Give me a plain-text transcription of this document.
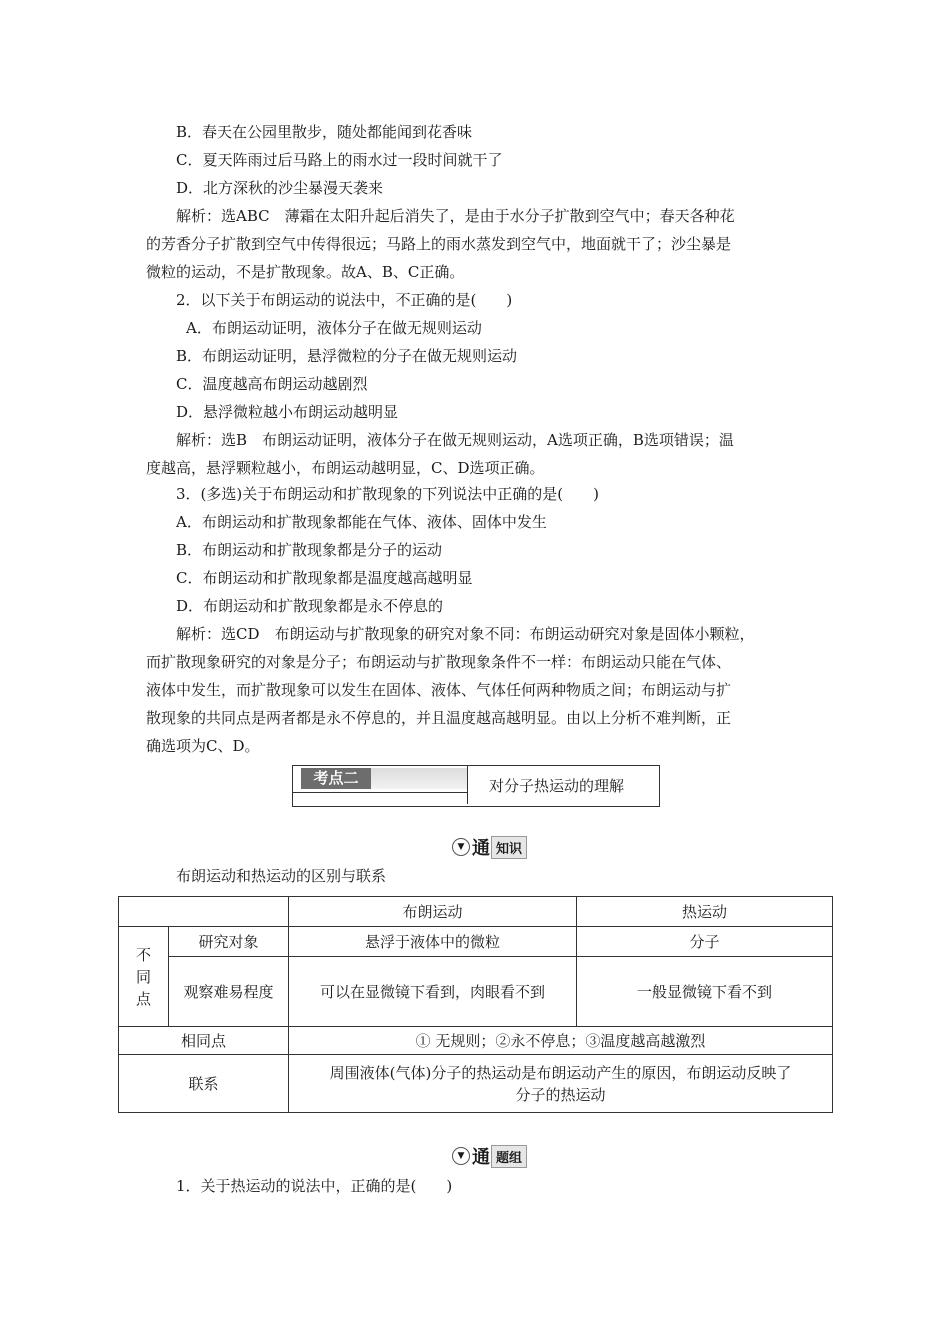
B．春天在公园里散步，随处都能闻到花香味
C．夏天阵雨过后马路上的雨水过一段时间就干了
D．北方深秋的沙尘暴漫天袭来
解析：选ABC　薄霜在太阳升起后消失了，是由于水分子扩散到空气中；春天各种花
的芳香分子扩散到空气中传得很远；马路上的雨水蒸发到空气中，地面就干了；沙尘暴是
微粒的运动，不是扩散现象。故A、B、C正确。
2．以下关于布朗运动的说法中，不正确的是(　　)
A．布朗运动证明，液体分子在做无规则运动
B．布朗运动证明，悬浮微粒的分子在做无规则运动
C．温度越高布朗运动越剧烈
D．悬浮微粒越小布朗运动越明显
解析：选B　布朗运动证明，液体分子在做无规则运动，A选项正确，B选项错误；温
度越高，悬浮颗粒越小，布朗运动越明显，C、D选项正确。
3．(多选)关于布朗运动和扩散现象的下列说法中正确的是(　　)
A．布朗运动和扩散现象都能在气体、液体、固体中发生
B．布朗运动和扩散现象都是分子的运动
C．布朗运动和扩散现象都是温度越高越明显
D．布朗运动和扩散现象都是永不停息的
解析：选CD　布朗运动与扩散现象的研究对象不同：布朗运动研究对象是固体小颗粒，
而扩散现象研究的对象是分子；布朗运动与扩散现象条件不一样：布朗运动只能在气体、
液体中发生，而扩散现象可以发生在固体、液体、气体任何两种物质之间；布朗运动与扩
散现象的共同点是两者都是永不停息的，并且温度越高越明显。由以上分析不难判断，正
确选项为C、D。
考点二	对分子热运动的理解
▼ 通 知识
布朗运动和热运动的区别与联系
		布朗运动	热运动

不
同
点	研究对象	悬浮于液体中的微粒	分子
	观察难易程度	可以在显微镜下看到，肉眼看不到	一般显微镜下看不到
相同点		① 无规则；②永不停息；③温度越高越激烈	
联系		周围液体(气体)分子的热运动是布朗运动产生的原因，布朗运动反映了
分子的热运动	
▼ 通 题组
1．关于热运动的说法中，正确的是(　　)
